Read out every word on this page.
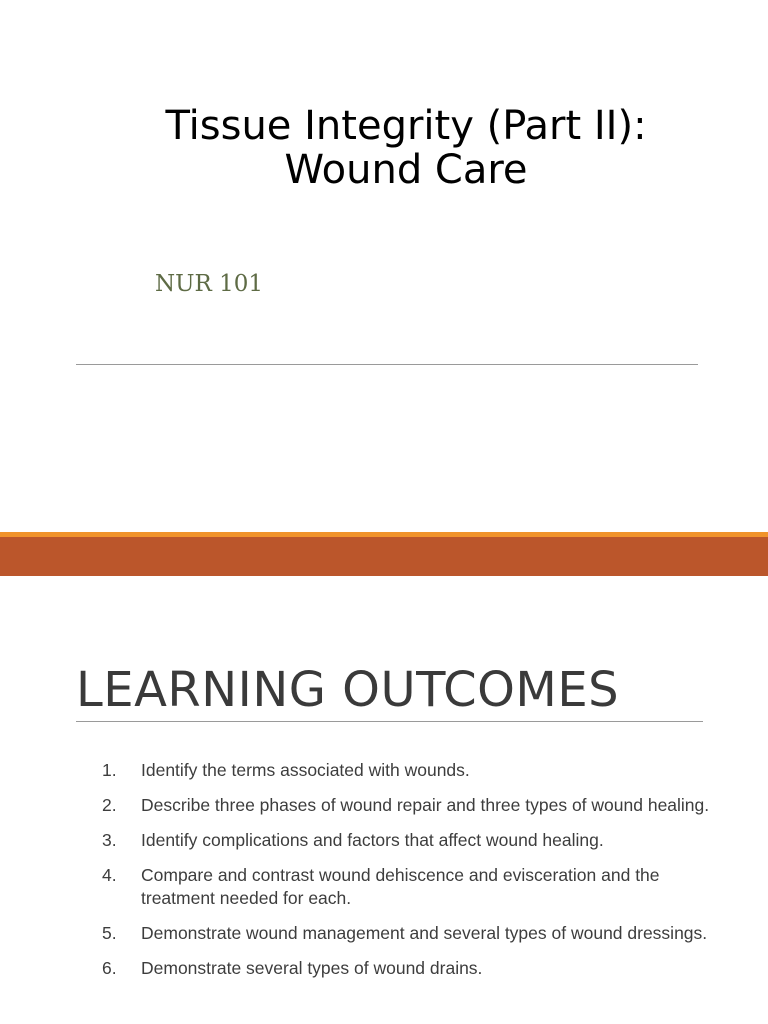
Tissue Integrity (Part II):
Wound Care
NUR 101
LEARNING OUTCOMES
1. Identify the terms associated with wounds.
2. Describe three phases of wound repair and three types of wound healing.
3. Identify complications and factors that affect wound healing.
4. Compare and contrast wound dehiscence and evisceration and the treatment needed for each.
5. Demonstrate wound management and several types of wound dressings.
6. Demonstrate several types of wound drains.
